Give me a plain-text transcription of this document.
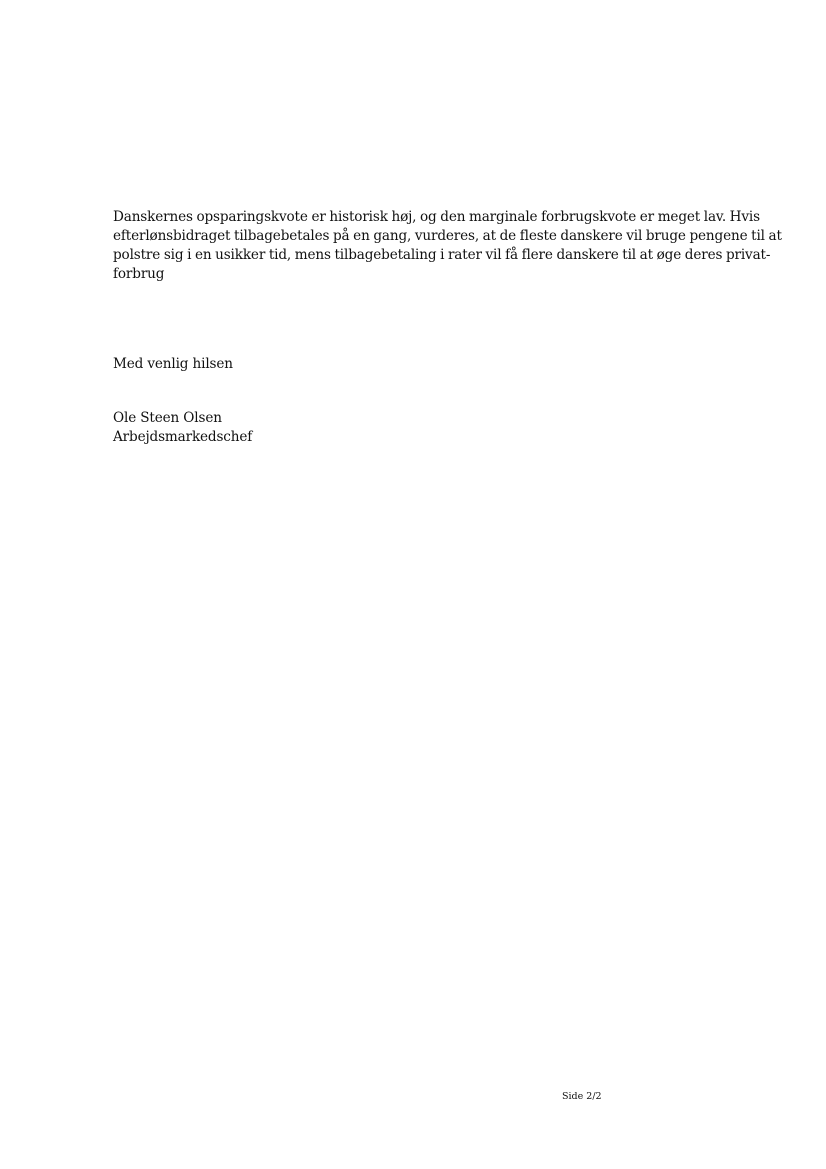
Danskernes opsparingskvote er historisk høj, og den marginale forbrugskvote er meget lav. Hvis
efterlønsbidraget tilbagebetales på en gang, vurderes, at de fleste danskere vil bruge pengene til at
polstre sig i en usikker tid, mens tilbagebetaling i rater vil få flere danskere til at øge deres privat-
forbrug

Med venlig hilsen

Ole Steen Olsen
Arbejdsmarkedschef

Side 2/2
